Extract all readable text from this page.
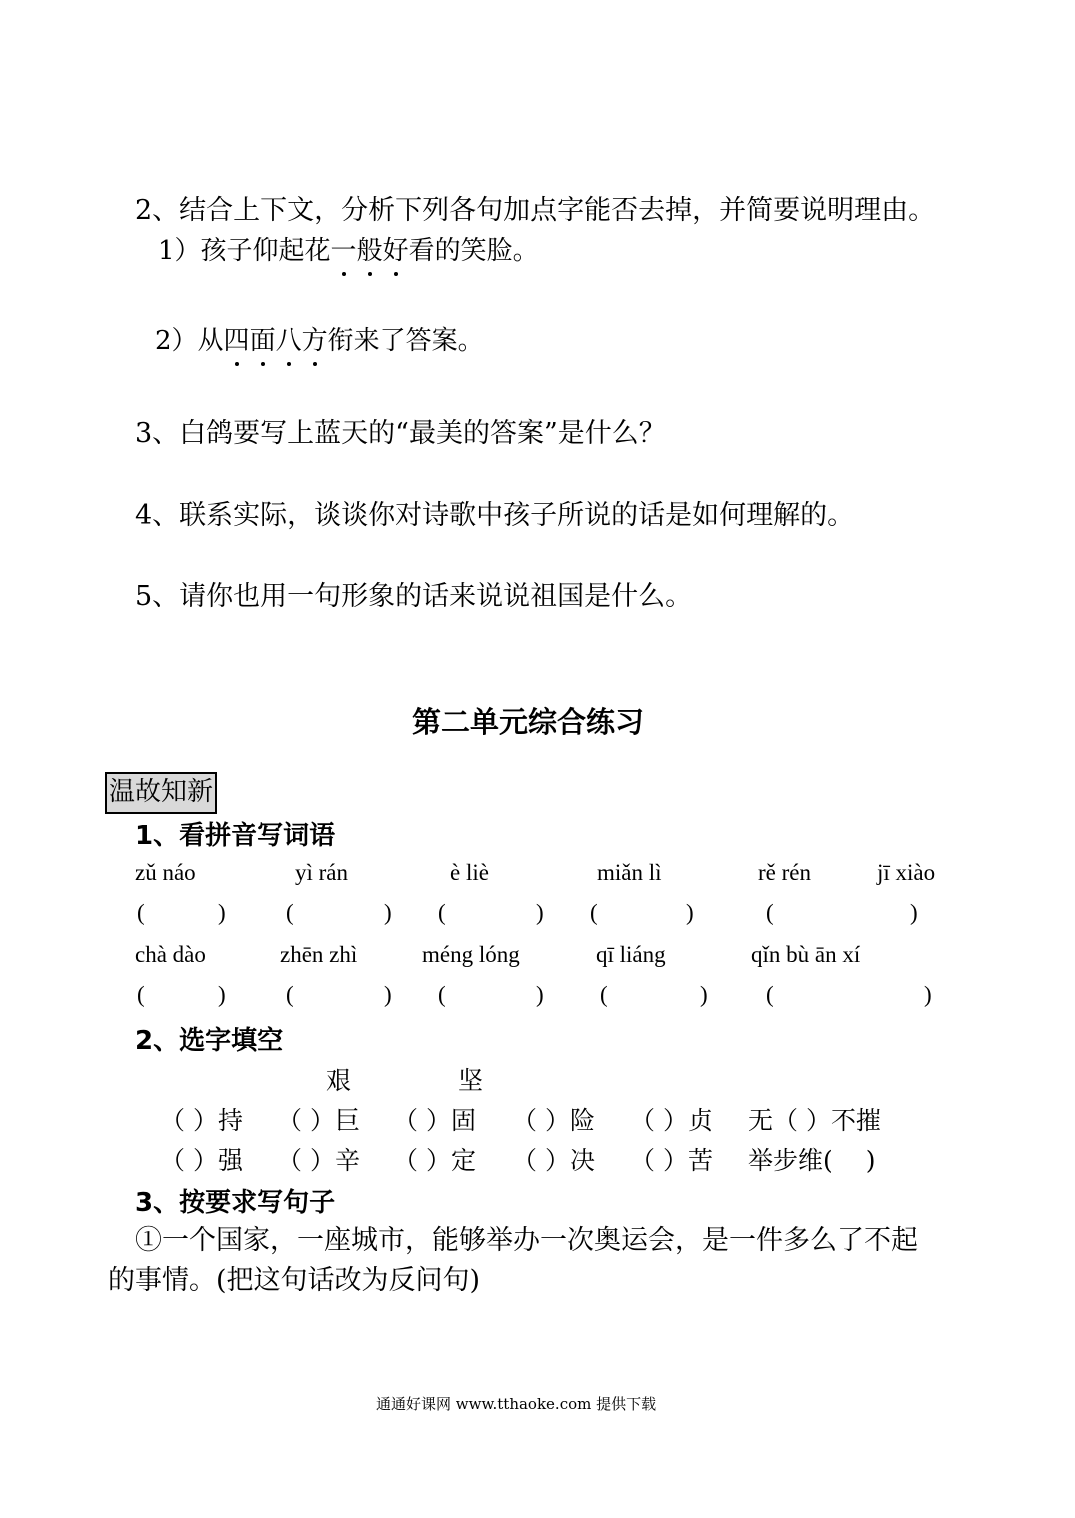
2、结合上下文，分析下列各句加点字能否去掉，并简要说明理由。
1）孩子仰起花一般好看的笑脸。
2）从四面八方衔来了答案。
3、白鸽要写上蓝天的“最美的答案”是什么？
4、联系实际，谈谈你对诗歌中孩子所说的话是如何理解的。
5、请你也用一句形象的话来说说祖国是什么。
第二单元综合练习
温故知新
1、看拼音写词语
zǔ náo	yì rán	è liè	miǎn lì	rě rén	jī xiào
(	)	(	) (	) (	)	(	)
chà dào	zhēn zhì	méng lóng	qī liáng	qǐn bù ān xí
(	)	(	) (	) (	)	(	)
2、选字填空
艰	坚
（ ）持 （ ）巨 （ ）固 （ ）险 （ ）贞 无（ ）不摧
（ ）强 （ ）辛 （ ）定 （ ）决 （ ）苦 举步维(　 )
3、按要求写句子
①一个国家，一座城市，能够举办一次奥运会，是一件多么了不起
的事情。(把这句话改为反问句)
通通好课网 www.tthaoke.com 提供下载
